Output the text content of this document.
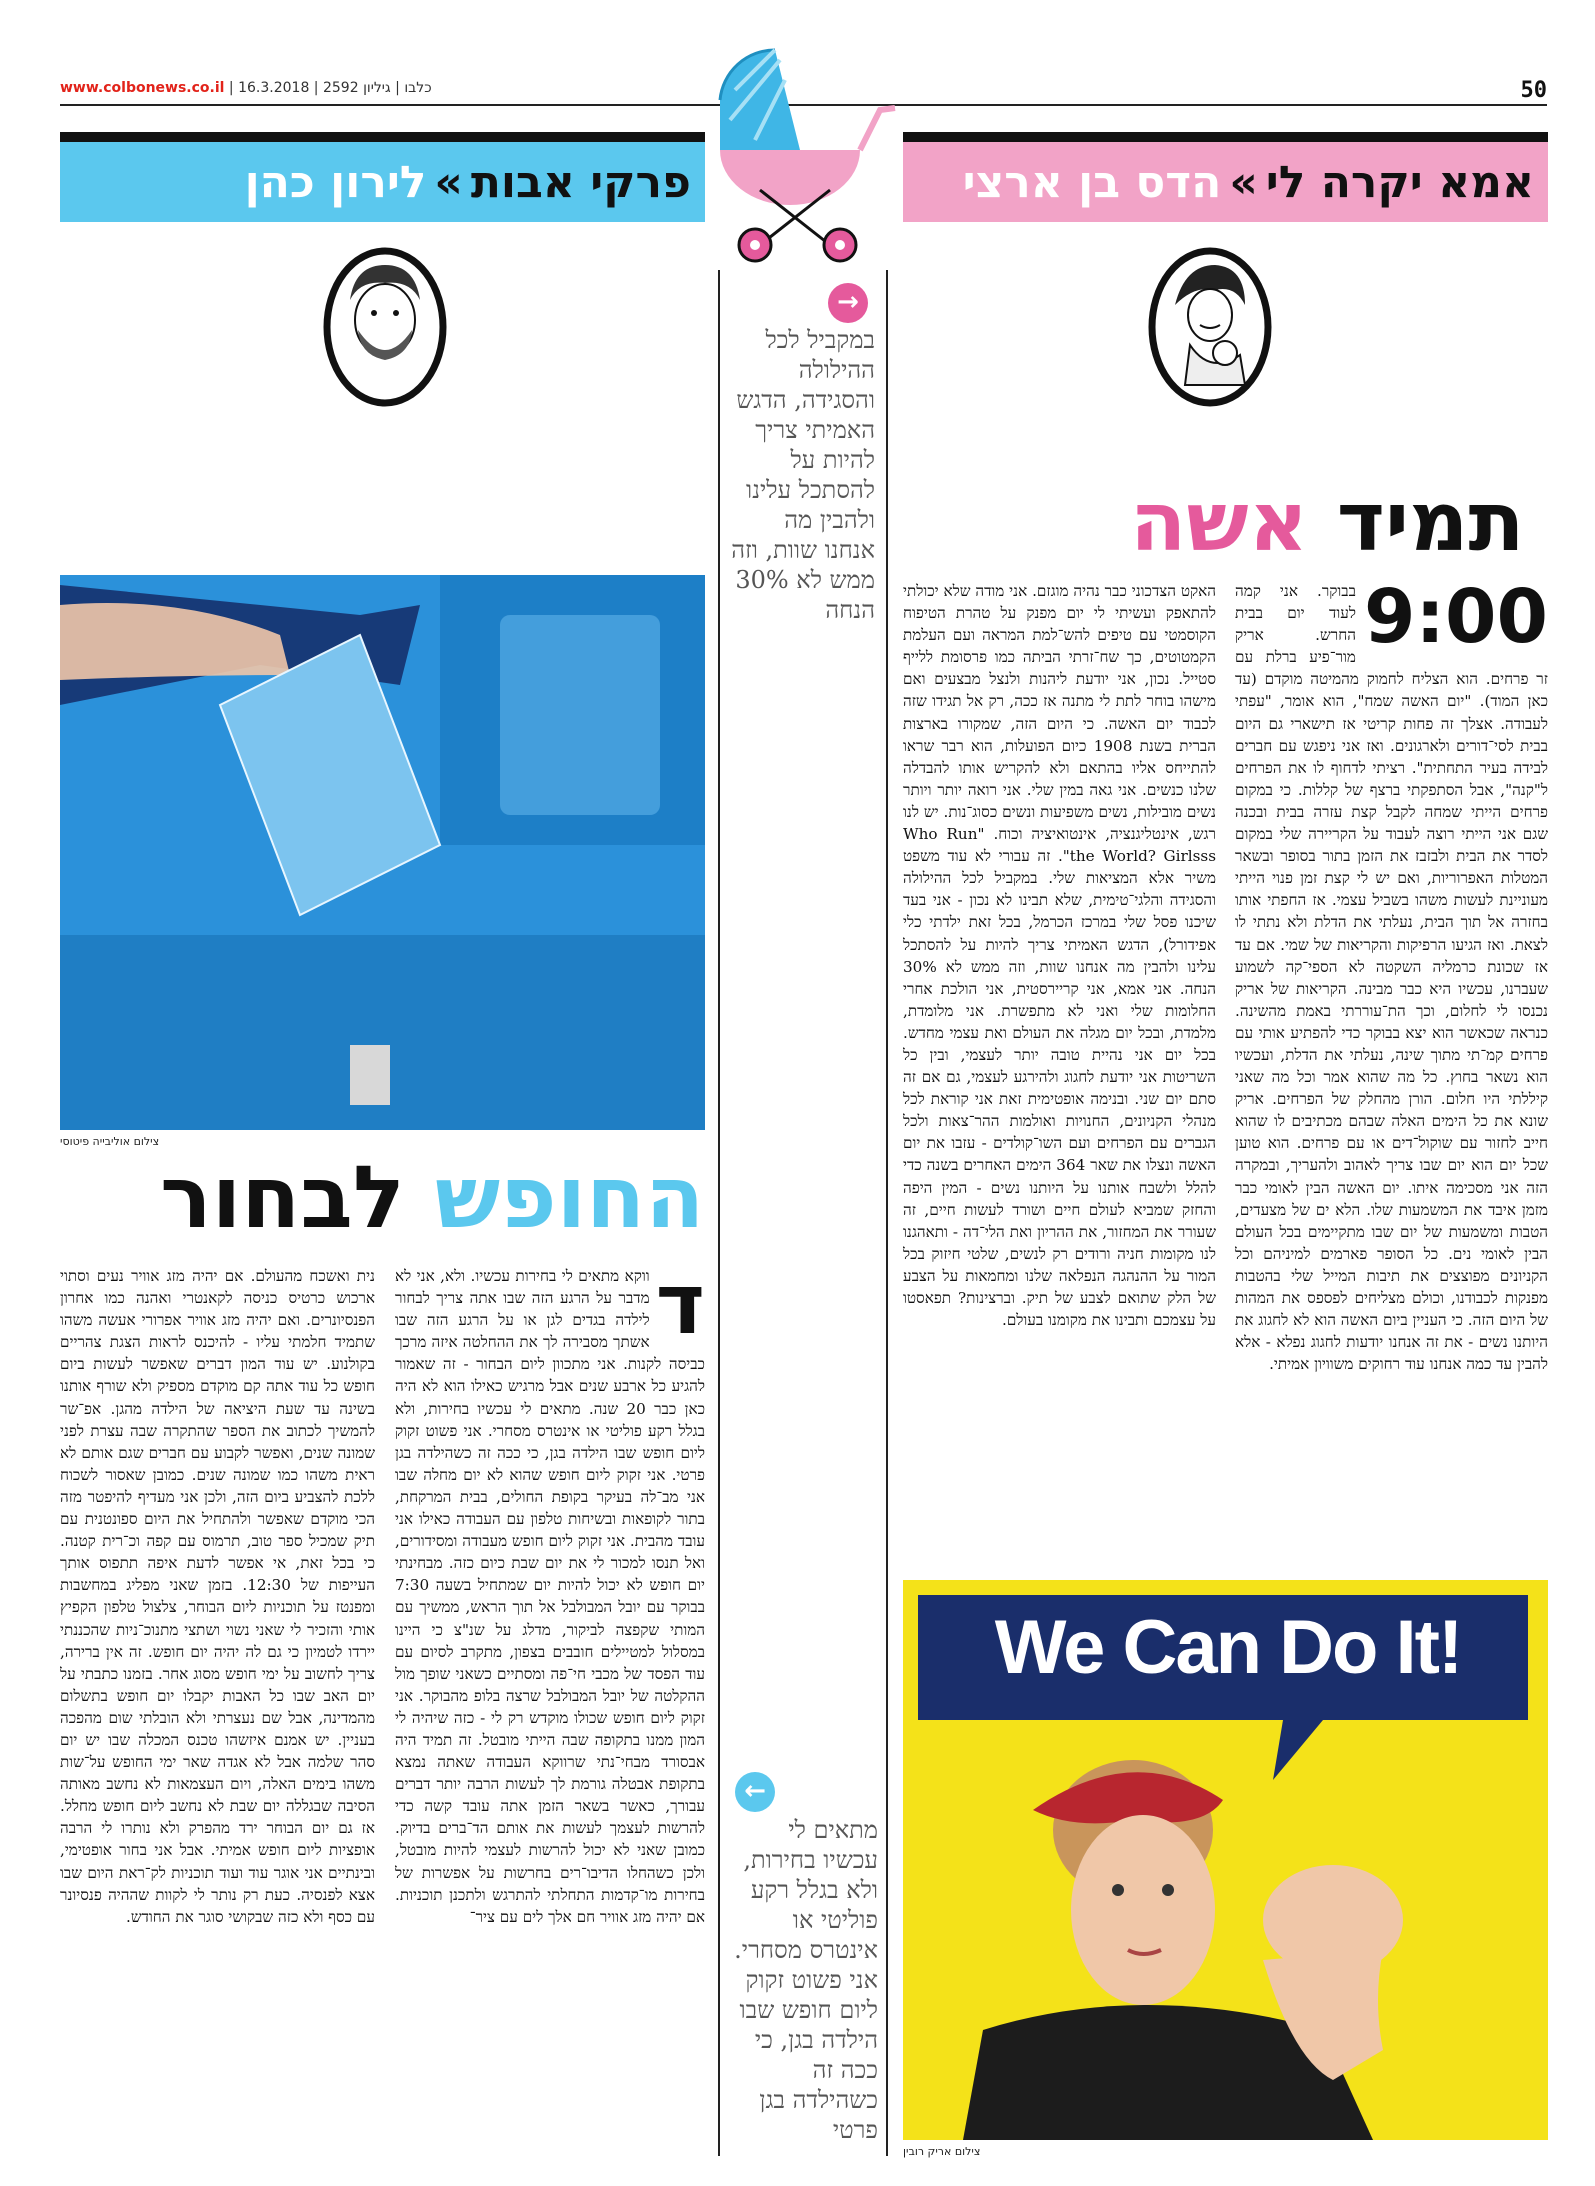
www.colbonews.co.il |	כלבו | גיליון 2592 | 16.3.2018	50
אמא יקרה לי
»
הדס בן ארצי
פרקי אבות
»
לירון כהן
→
במקביל לכל ההילולה והסגידה, הדגש האמיתי צריך להיות על להסתכל עלינו ולהבין מה אנחנו שוות, וזה ממש לא 30% הנחה
←
מתאים לי עכשיו בחירות, ולא בגלל רקע פוליטי או אינטרס מסחרי. אני פשוט זקוק ליום חופש שבו הילדה בגן, כי ככה זה כשהילדה בגן פרטי
תמיד אשה
9:00
בבוקר. אני קמה לעוד יום בבית החרש. אריק מור־פיע ברלת עם זר פרחים. הוא הצליח לחמוק מהמיטה מוקדם (עד כאן המוד). "יום האשה שמח", הוא אומר, "עפתי לעבודה. אצלך זה פחות קריטי אז תישארי גם היום בבית לסי־דורים ולארגונים. ואז אני ניפגש עם חברים לבידה בעיר התחתית". רציתי לדחוף לו את הפרחים ל"קנה", אבל הסתפקתי ברצף של קללות. כי במקום פרחים הייתי שמחה לקבל קצת עזרה בבית ובכנה שגם אני הייתי רוצה לעבוד על הקריירה שלי במקום לסדר את הבית ולבזבז את הזמן בתור בסופר ובשאר המטלות האפרוריות, ואם יש לי קצת זמן פנוי הייתי מעוניינת לעשות משהו בשביל עצמי. אז החפתי אותו בחזרה אל תוך הבית, נעלתי את הדלת ולא נתתי לו לצאת. ואז הגיעו הרפיקות והקריאות של שמי. אם עד אז שכונת כרמליה השקטה לא הספי־קה לשמוע שעברנו, עכשיו היא כבר מבינה. הקריאות של אריק נכנסו לי לחלום, וכך הת־עוררתי באמת מהשינה. כנראה שכאשר הוא יצא בבוקר כדי להפתיע אותי עם פרחים קמ־תי מתוך שינה, נעלתי את הדלת, ועכשיו הוא נשאר בחוץ. כל מה שהוא אמר וכל מה שאני קיללתי היו חלום. הורן מהחלק של הפרחים. אריק שונא את כל הימים האלה שבהם מכתיבים לו שהוא חייב לחזור עם שוקול־דים או עם פרחים. הוא טוען שכל יום הוא יום שבו צריך לאהוב ולהעריך, ובמקרה הזה אני מסכימה איתו. יום האשה הבין לאומי כבר מזמן איבד את המשמעות שלו. הלא ים של מצעדים, הטבות ומשמעות של יום שבו מתקיימים בכל העולם הבין לאומי נים. כל הסופר פארמים למיניהם וכל הקניונים מפוצצים את תיבות המייל שלי בהטבות מפנקות לכבודנו, וכולם מצליחים לפספס את המהות של היום הזה. כי העניין ביום האשה הוא לא לחגוג את היותנו נשים - את זה אנחנו יודעות לחגוג נפלא - אלא להבין עד כמה אנחנו עוד רחוקים משוויון אמיתי.
האקט הצדכוני כבר נהיה מוגזם. אני מודה שלא יכולתי להתאפק ועשיתי לי יום מפנק על טהרת הטיפוח הקוסמטי עם טיפים להש־למת המראה ועם העלמת הקמטוטים, כך שח־זרתי הביתה כמו פרסומת ללייף סטייל. נכון, אני יודעת ליהנות ולנצל מבצעים ואם מישהו בוחר לתת לי מתנה אז ככה, רק אל תגידו שזה לכבוד יום האשה. כי היום הזה, שמקורו בארצות הברית בשנת 1908 כיום הפועלות, הוא רבר שראו להתייחס אליו בהתאם ולא להקריש אותו להבדלה שלנו כנשים. אני גאה במין שלי. אני רואה יותר ויותר נשים מובילות, נשים משפיעות ונשים כסוג־נות. יש לנו רגש, אינטליגנציה, אינטואיציה וכוח. "Who Run the World? Girlsss". זה עבורי לא עוד משפט משיר אלא המציאות שלי. במקביל לכל ההילולה והסגידה והלגי־טימית, שלא תבינו לא נכון - אני בעד שיכנו פסל שלי במרכז הכרמל, בכל זאת ילדתי כלי אפידורל), הדגש האמיתי צריך להיות על להסתכל עלינו ולהבין מה אנחנו שוות, וזה ממש לא 30% הנחה. אני אמא, אני קריירסטית, אני הולכת אחרי החלומות שלי ואני לא מתפשרת. אני מלומדת, מלמדת, ובכל יום מגלה את העולם ואת עצמי מחדש. בכל יום אני נהיית טובה יותר לעצמי, ובין כל השריטות אני יודעת לחגוג ולהירגע לעצמי, גם אם זה סתם יום שני. ובנימה אופטימית זאת אני קוראת לכל מנהלי הקניונים, החנויות ואולמות ההר־צאות ולכל הגברים עם הפרחים ועם השו־קולדים - עזבו את יום האשה ונצלו את שאר 364 הימים האחרים בשנה כדי להלל ולשבח אותנו על היותנו נשים - המין היפה והחזק שמביא לעולם חיים ושורד לעשות חיים, זה שעורר את המחזור, את ההריון ואת הלי־דה - ותאהגנו לנו מקומות חניה ורודים רק לנשים, שלטי חיזוק בכל המור על ההנהגה הנפלאה שלנו ומחמאות על הצבע של הלק שתואם לצבע של תיק. וברצינות? תפאסטו על עצמכם ותבינו את מקומנו בעולם.
We Can Do It!
צילום אריק רובין
צילום אוליבייה פיטוסי
החופש לבחור
ד
ווקא מתאים לי בחירות עכשיו. ולא, אני לא מדבר על הרגע הזה שבו אתה צריך לבחור לילדה בגדים לגן או על הרגע הזה שבו אשתך מסבירה לך את ההחלטה איזה מרכך כביסה לקנות. אני מתכוון ליום הבחור - זה שאמור להגיע כל ארבע שנים אבל מרגיש כאילו הוא לא היה כאן כבר 20 שנה. מתאים לי עכשיו בחירות, ולא בגלל רקע פוליטי או אינטרס מסחרי. אני פשוט זקוק ליום חופש שבו הילדה בגן, כי ככה זה כשהילדה בגן פרטי. אני זקוק ליום חופש שהוא לא יום מחלה שבו אני מב־לה בעיקר בקופת החולים, בבית המרקחת, בתור לקופאות ובשיחות טלפון עם העבודה כאילו אני עובד מהבית. אני זקוק ליום חופש מעבודה ומסידורים, ואל תנסו למכור לי את יום שבת כיום כזה. מבחינתי יום חופש לא יכול להיות יום שמתחיל בשעה 7:30 בבוקר עם יובל המבולבל אל תוך הראש, ממשיך עם המותי שקפצה לביקור, מדלג על שנ"צ כי היינו במסלול למטיילים חובבים בצפון, מתקרב לסיום עם עוד הפסד של מכבי חי־פה ומסתיים כשאני שופך מול ההקלטה של יובל המבולבל שרצה בלופ מהבוקר. אני זקוק ליום חופש שכולו מוקדש רק לי - כזה שיהיה לי המון ממנו בתקופה שבה הייתי מובטל. זה תמיד היה אבסורד מבחי־נתי שרווקא העבודה שאתה נמצא בתקופת אבטלה גורמת לך לעשות הרבה יותר דברים עבורך, כאשר בשאר הזמן אתה עובד קשה כדי להרשות לעצמך לעשות את אותם הד־ברים בדיוק. כמובן שאני לא יכול להרשות לעצמי להיות מובטל, ולכן כשהחלו הדיבו־רים בחרשות על אפשרות של בחירות מו־קדמות התחלתי להתרגש ולתכנן תוכניות. אם יהיה מזג אוויר חם אלך לים עם ציר־
נית ואשכח מהעולם. אם יהיה מזג אוויר נעים וסתוי ארכוש כרטיס כניסה לקאנטרי ואהנה כמו אחרון הפנסיונרים. ואם יהיה מזג אוויר אפרורי אעשה משהו שתמיד חלמתי עליו - להיכנס לראות הצגת צהריים בקולנוע. יש עוד המון דברים שאפשר לעשות ביום חופש כל עוד אתה קם מוקדם מספיק ולא שורף אותנו בשינה עד שעת היציאה של הילדה מהגן. אפ־שר להמשיך לכתוב את הספר שהתקרה שבה עצרת לפני שמונה שנים, ואפשר לקבוע עם חברים שגם אותם לא ראית משהו כמו שמונה שנים. כמובן שאסור לשכוח ללכת להצביע ביום הזה, ולכן אני מעדיף להיפטר מזה הכי מוקדם שאפשר ולהתחיל את היום ספונטנית עם תיק שמכיל ספר טוב, תרמוס עם קפה וכ־רית קטנה. כי בכל זאת, אי אפשר לדעת איפה תתפוס אותך העייפות של 12:30. בזמן שאני מפליג במחשבות ומפנטז על תוכניות ליום הבוחר, צלצול טלפון הקפיץ אותי והזכיר לי שאני נשוי ושתצי מתנוכ־ניות שהכננתי יירדו לטמיון כי גם לה יהיה יום חופש. זה אין ברירה, צריך לחשוב על ימי חופש מסוג אחר. בזמנו כתבתי על יום האב שבו כל האבות יקבלו יום חופש בתשלום מהמדינה, אבל שם נעצרתי ולא הובלתי שום מהפכה בעניין. יש אמנם איזשהו טכנס המכלה שבו יש יום סהר שלמה אבל לא אגדה שאר ימי החופש על־שות משהו בימים האלה, ויום העצמאות לא נחשב מאותה הסיבה שבגללה יום שבת לא נחשב ליום חופש מחלל. אז גם יום הבוחר ירד מהפרק ולא נותרו לי הרבה אופציות ליום חופש אמיתי. אבל אני בחור אופטימי, ובינתיים אני אוגר עוד ועוד תוכניות לק־ראת היום שבו אצא לפנסיה. כעת רק נותר לי לקוות שההיה פנסיונר עם כסף ולא כזה שבקושי סוגר את החודש.
